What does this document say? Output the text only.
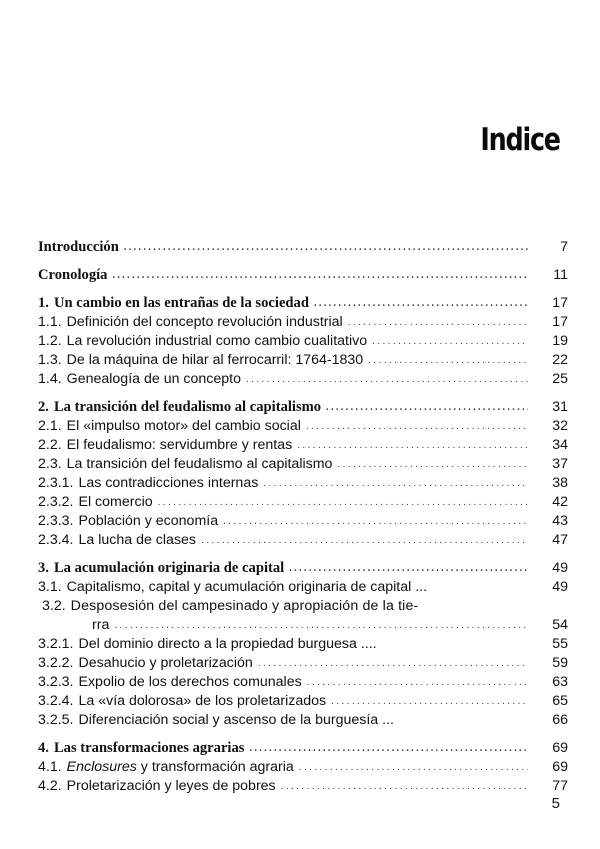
Indice
Introducción .....	7
Cronología .....	11
1. Un cambio en las entrañas de la sociedad .....	17
1.1. Definición del concepto revolución industrial .....	17
1.2. La revolución industrial como cambio cualitativo .....	19
1.3. De la máquina de hilar al ferrocarril: 1764-1830 .....	22
1.4. Genealogía de un concepto .....	25
2. La transición del feudalismo al capitalismo .....	31
2.1. El «impulso motor» del cambio social .....	32
2.2. El feudalismo: servidumbre y rentas .....	34
2.3. La transición del feudalismo al capitalismo .....	37
2.3.1. Las contradicciones internas .....	38
2.3.2. El comercio .....	42
2.3.3. Población y economía .....	43
2.3.4. La lucha de clases .....	47
3. La acumulación originaria de capital .....	49
3.1. Capitalismo, capital y acumulación originaria de capital ...	49
3.2. Desposesión del campesinado y apropiación de la tie-
rra .....	54
3.2.1. Del dominio directo a la propiedad burguesa ....	55
3.2.2. Desahucio y proletarización .....	59
3.2.3. Expolio de los derechos comunales .....	63
3.2.4. La «vía dolorosa» de los proletarizados .....	65
3.2.5. Diferenciación social y ascenso de la burguesía ...	66
4. Las transformaciones agrarias .....	69
4.1. Enclosures y transformación agraria .....	69
4.2. Proletarización y leyes de pobres .....	77
5
